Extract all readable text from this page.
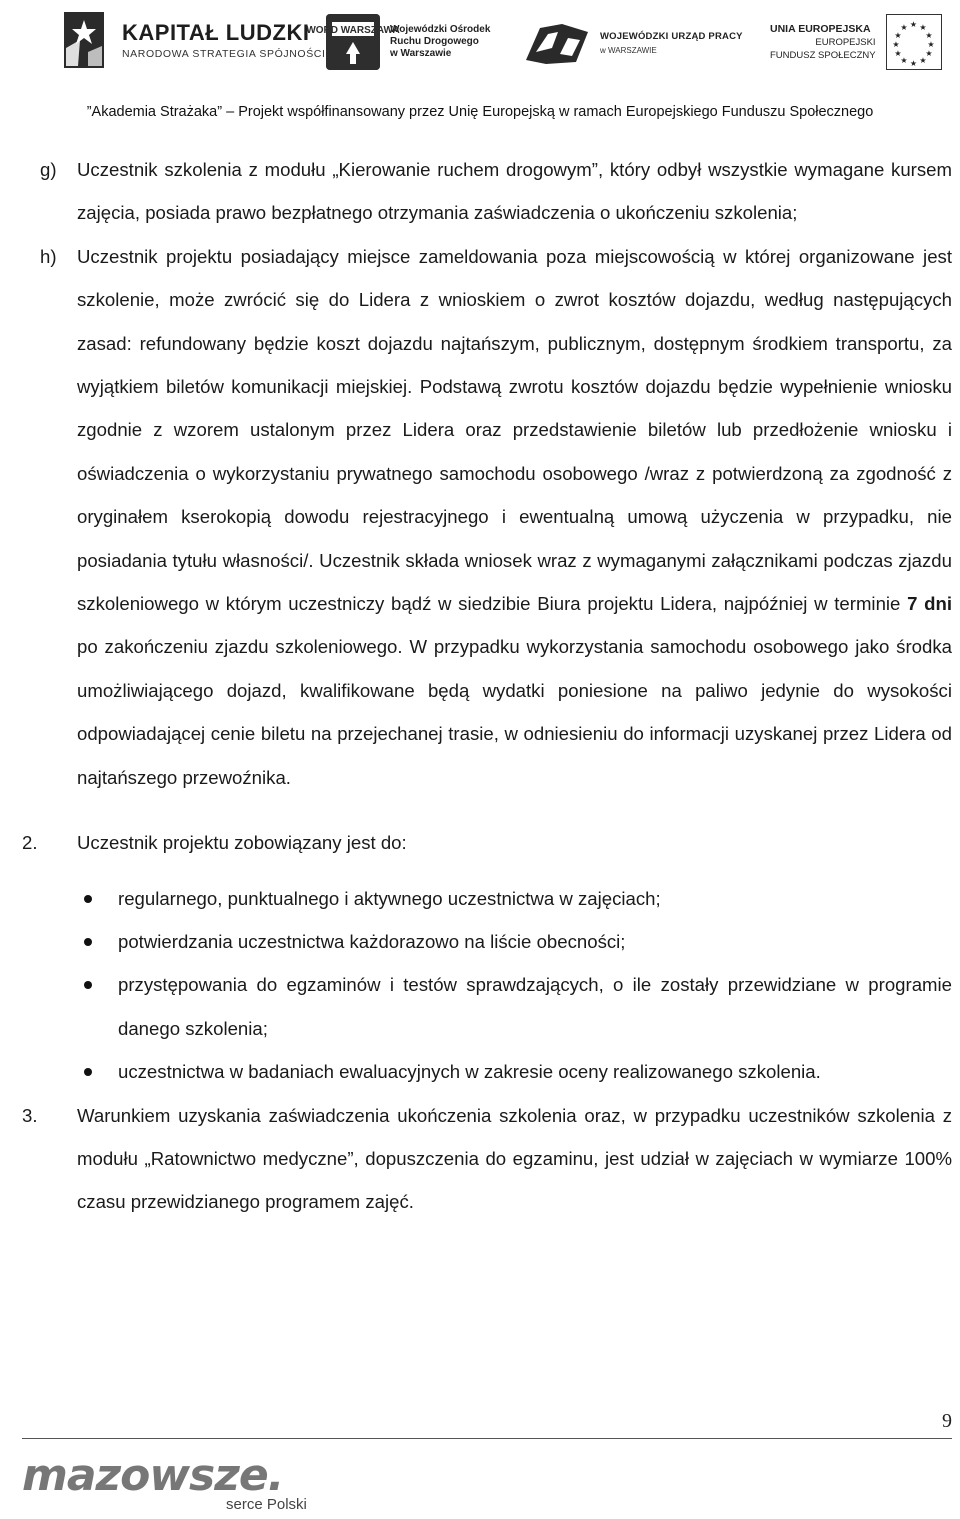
KAPITAŁ LUDZKI
NARODOWA STRATEGIA SPÓJNOŚCI
WORD WARSZAWA
Wojewódzki Ośrodek
Ruchu Drogowego
w Warszawie
WOJEWÓDZKI URZĄD PRACY
w WARSZAWIE
UNIA EUROPEJSKA
EUROPEJSKI
FUNDUSZ SPOŁECZNY
★ ★
★
★
★
★
★
★
★
★
★
★
”Akademia Strażaka” – Projekt współfinansowany przez Unię Europejską w ramach Europejskiego Funduszu Społecznego
g) Uczestnik szkolenia z modułu „Kierowanie ruchem drogowym”, który odbył wszystkie wymagane kursem zajęcia, posiada prawo bezpłatnego otrzymania zaświadczenia o ukończeniu szkolenia;
h) Uczestnik projektu posiadający miejsce zameldowania poza miejscowością w której organizowane jest szkolenie, może zwrócić się do Lidera z wnioskiem o zwrot kosztów dojazdu, według następujących zasad: refundowany będzie koszt dojazdu najtańszym, publicznym, dostępnym środkiem transportu, za wyjątkiem biletów komunikacji miejskiej. Podstawą zwrotu kosztów dojazdu będzie wypełnienie wniosku zgodnie z wzorem ustalonym przez Lidera oraz przedstawienie biletów lub przedłożenie wniosku i oświadczenia o wykorzystaniu prywatnego samochodu osobowego /wraz z potwierdzoną za zgodność z oryginałem kserokopią dowodu rejestracyjnego i ewentualną umową użyczenia w przypadku, nie posiadania tytułu własności/. Uczestnik składa wniosek wraz z wymaganymi załącznikami podczas zjazdu szkoleniowego w którym uczestniczy bądź w siedzibie Biura projektu Lidera, najpóźniej w terminie 7 dni po zakończeniu zjazdu szkoleniowego. W przypadku wykorzystania samochodu osobowego jako środka umożliwiającego dojazd, kwalifikowane będą wydatki poniesione na paliwo jedynie do wysokości odpowiadającej cenie biletu na przejechanej trasie, w odniesieniu do informacji uzyskanej przez Lidera od najtańszego przewoźnika.
2. Uczestnik projektu zobowiązany jest do:
regularnego, punktualnego i aktywnego uczestnictwa w zajęciach;
potwierdzania uczestnictwa każdorazowo na liście obecności;
przystępowania do egzaminów i testów sprawdzających, o ile zostały przewidziane w programie danego szkolenia;
uczestnictwa w badaniach ewaluacyjnych w zakresie oceny realizowanego szkolenia.
3. Warunkiem uzyskania zaświadczenia ukończenia szkolenia oraz, w przypadku uczestników szkolenia z modułu „Ratownictwo medyczne”, dopuszczenia do egzaminu, jest udział w zajęciach w wymiarze 100% czasu przewidzianego programem zajęć.
9
mazowsze.
serce Polski
